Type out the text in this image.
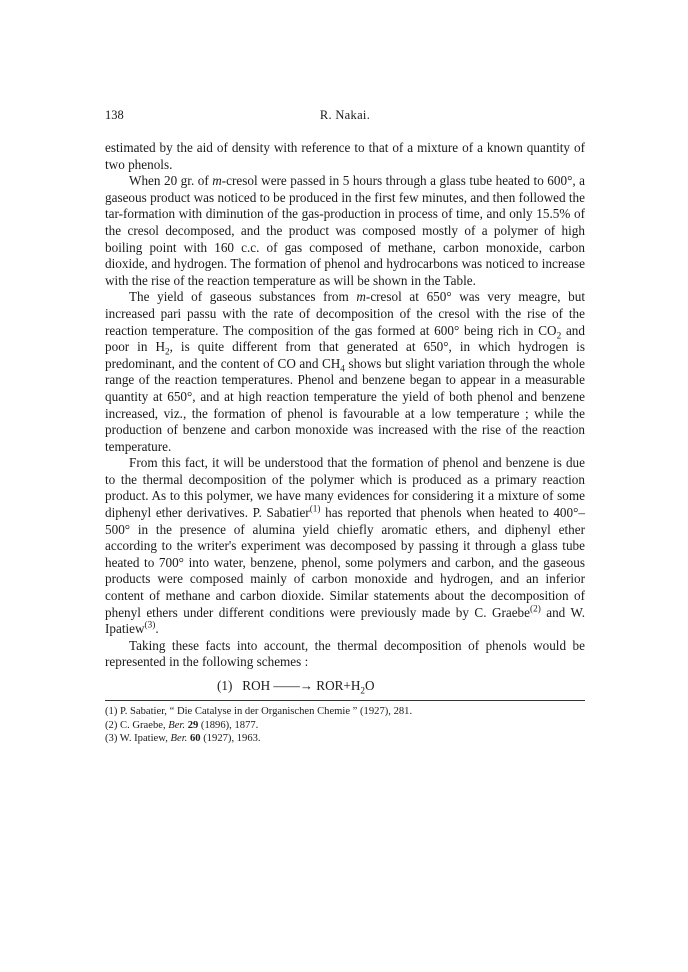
138	R. Nakai.

estimated by the aid of density with reference to that of a mixture of a known quantity of two phenols.

When 20 gr. of m-cresol were passed in 5 hours through a glass tube heated to 600°, a gaseous product was noticed to be produced in the first few minutes, and then followed the tar-formation with diminution of the gas-production in process of time, and only 15.5% of the cresol decomposed, and the product was composed mostly of a polymer of high boiling point with 160 c.c. of gas composed of methane, carbon monoxide, carbon dioxide, and hydrogen. The formation of phenol and hydrocarbons was noticed to increase with the rise of the reaction temperature as will be shown in the Table.

The yield of gaseous substances from m-cresol at 650° was very meagre, but increased pari passu with the rate of decomposition of the cresol with the rise of the reaction temperature. The composition of the gas formed at 600° being rich in $CO_2$ and poor in $H_2$, is quite different from that generated at 650°, in which hydrogen is predominant, and the content of CO and $CH_4$ shows but slight variation through the whole range of the reaction temperatures. Phenol and benzene began to appear in a measurable quantity at 650°, and at high reaction temperature the yield of both phenol and benzene increased, viz., the formation of phenol is favourable at a low temperature ; while the production of benzene and carbon monoxide was increased with the rise of the reaction temperature.

From this fact, it will be understood that the formation of phenol and benzene is due to the thermal decomposition of the polymer which is produced as a primary reaction product. As to this polymer, we have many evidences for considering it a mixture of some diphenyl ether derivatives. P. Sabatier$^{(1)}$ has reported that phenols when heated to 400°–500° in the presence of alumina yield chiefly aromatic ethers, and diphenyl ether according to the writer's experiment was decomposed by passing it through a glass tube heated to 700° into water, benzene, phenol, some polymers and carbon, and the gaseous products were composed mainly of carbon monoxide and hydrogen, and an inferior content of methane and carbon dioxide. Similar statements about the decomposition of phenyl ethers under different conditions were previously made by C. Graebe$^{(2)}$ and W. Ipatiew$^{(3)}$.

Taking these facts into account, the thermal decomposition of phenols would be represented in the following schemes :

(1) ROH ——→ $ROR+H_2O$
(1) P. Sabatier, “ Die Catalyse in der Organischen Chemie ” (1927), 281.
(2) C. Graebe, Ber. 29 (1896), 1877.
(3) W. Ipatiew, Ber. 60 (1927), 1963.
